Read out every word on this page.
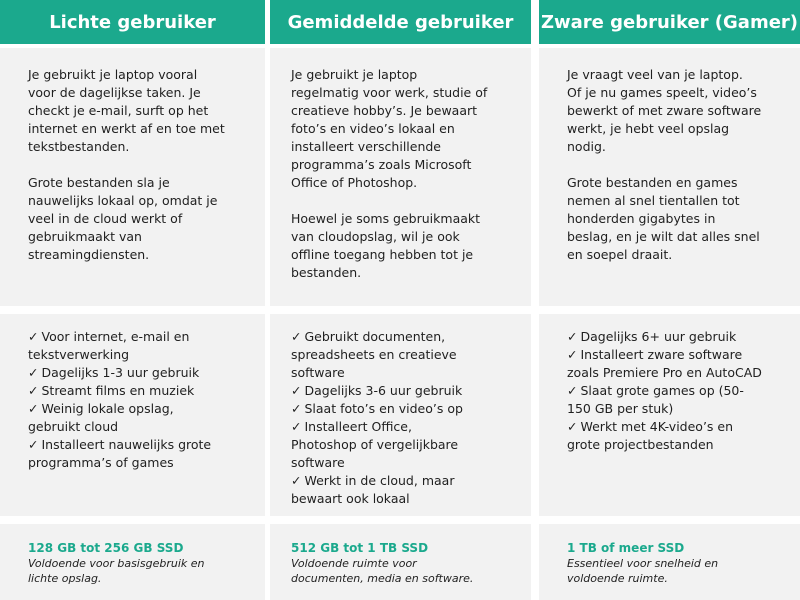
Lichte gebruiker

Je gebruikt je laptop vooral
voor de dagelijkse taken. Je
checkt je e-mail, surft op het
internet en werkt af en toe met
tekstbestanden.

Grote bestanden sla je
nauwelijks lokaal op, omdat je
veel in de cloud werkt of
gebruikmaakt van
streamingdiensten.

✓ Voor internet, e-mail en
tekstverwerking
✓ Dagelijks 1-3 uur gebruik
✓ Streamt films en muziek
✓ Weinig lokale opslag,
gebruikt cloud
✓ Installeert nauwelijks grote
programma’s of games

128 GB tot 256 GB SSD

Voldoende voor basisgebruik en
lichte opslag.

Gemiddelde gebruiker

Je gebruikt je laptop
regelmatig voor werk, studie of
creatieve hobby’s. Je bewaart
foto’s en video’s lokaal en
installeert verschillende
programma’s zoals Microsoft
Office of Photoshop.

Hoewel je soms gebruikmaakt
van cloudopslag, wil je ook
offline toegang hebben tot je
bestanden.

✓ Gebruikt documenten,
spreadsheets en creatieve
software
✓ Dagelijks 3-6 uur gebruik
✓ Slaat foto’s en video’s op
✓ Installeert Office,
Photoshop of vergelijkbare
software
✓ Werkt in de cloud, maar
bewaart ook lokaal

512 GB tot 1 TB SSD

Voldoende ruimte voor
documenten, media en software.

Zware gebruiker (Gamer)

Je vraagt veel van je laptop.
Of je nu games speelt, video’s
bewerkt of met zware software
werkt, je hebt veel opslag
nodig.

Grote bestanden en games
nemen al snel tientallen tot
honderden gigabytes in
beslag, en je wilt dat alles snel
en soepel draait.

✓ Dagelijks 6+ uur gebruik
✓ Installeert zware software
zoals Premiere Pro en AutoCAD
✓ Slaat grote games op (50-
150 GB per stuk)
✓ Werkt met 4K-video’s en
grote projectbestanden

1 TB of meer SSD

Essentieel voor snelheid en
voldoende ruimte.
